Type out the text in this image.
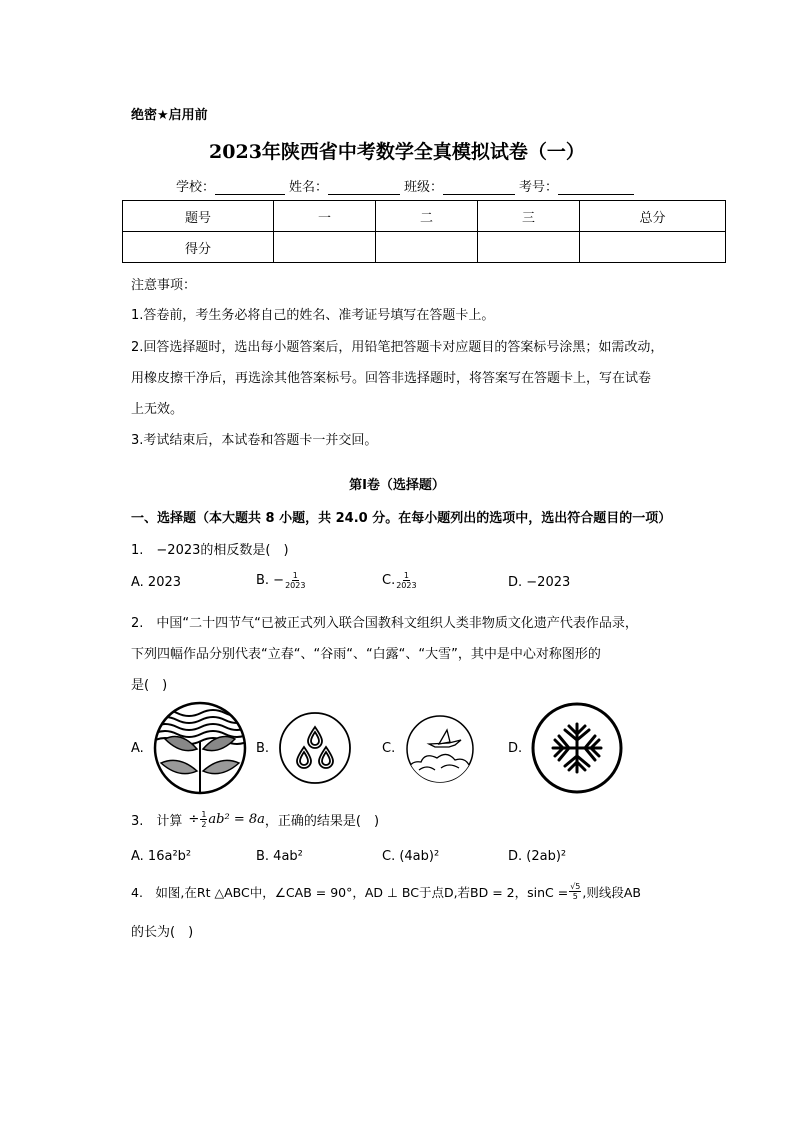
绝密★启用前
2023年陕西省中考数学全真模拟试卷（一）
学校：	姓名：	班级：	考号：
题号	一	二	三	总分
得分				
注意事项：
1.答卷前，考生务必将自己的姓名、准考证号填写在答题卡上。
2.回答选择题时，选出每小题答案后，用铅笔把答题卡对应题目的答案标号涂黑；如需改动，
用橡皮擦干净后，再选涂其他答案标号。回答非选择题时，将答案写在答题卡上，写在试卷
上无效。
3.考试结束后，本试卷和答题卡一并交回。
第Ⅰ卷（选择题）
一、选择题（本大题共 8 小题，共 24.0 分。在每小题列出的选项中，选出符合题目的一项）
1.　−2023的相反数是(　)
A. 2023	B. − $\frac{1}{2023}$	C. $\frac{1}{2023}$	D. −2023
2.　中国“二十四节气“已被正式列入联合国教科文组织人类非物质文化遗产代表作品录，
下列四幅作品分别代表“立春“、“谷雨“、“白露“、“大雪”，其中是中心对称图形的
是(　)
A.	B.	C.	D.
3.　计算 ÷ $\frac{1}{2} ab^2 = 8a$ ，正确的结果是(　)
A. 16a²b²	B. 4ab²	C. (4ab)²	D. (2ab)²
4.　如图,在Rt △ABC中，∠CAB = 90°，AD ⊥ BC于点D,若BD = 2，$\sin C = \frac{√5}{5}$ ,则线段AB
的长为(　)
